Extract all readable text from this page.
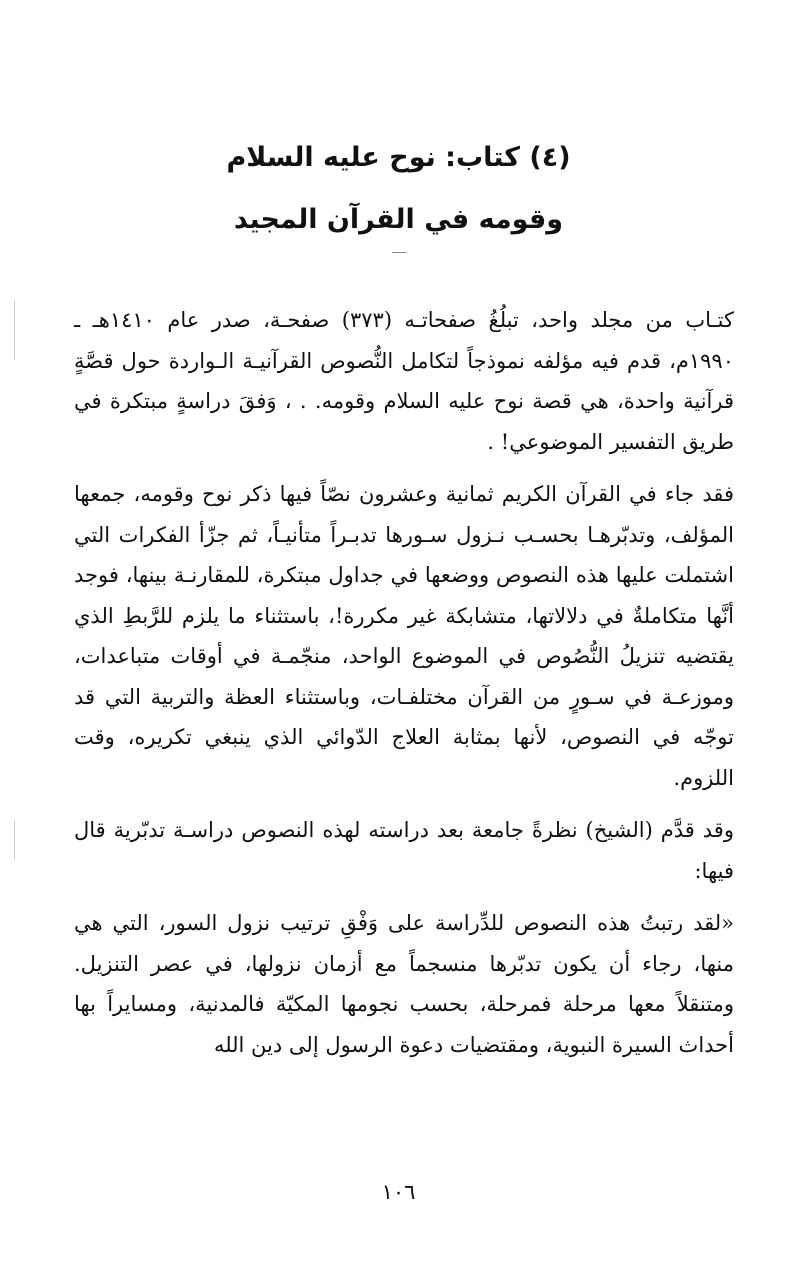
(٤) كتاب: نوح عليه السلام

وقومه في القرآن المجيد

كتـاب من مجلد واحد، تبلُغُ صفحاتـه (٣٧٣) صفحـة، صدر عام ١٤١٠هـ ـ ١٩٩٠م، قدم فيه مؤلفه نموذجاً لتكامل النُّصوص القرآنيـة الـواردة حول قصَّةٍ قرآنية واحدة، هي قصة نوح عليه السلام وقومه. . ، وَفقَ دراسةٍ مبتكرة في طريق التفسير الموضوعي! .

فقد جاء في القرآن الكريم ثمانية وعشرون نصّاً فيها ذكر نوح وقومه، جمعها المؤلف، وتدبّرهـا بحسـب نـزول سـورها تدبـراً متأنيـاً، ثم جزّأ الفكرات التي اشتملت عليها هذه النصوص ووضعها في جداول مبتكرة، للمقارنـة بينها، فوجد أنَّها متكاملةٌ في دلالاتها، متشابكة غير مكررة!، باستثناء ما يلزم للرَّبطِ الذي يقتضيه تنزيلُ النُّصُوص في الموضوع الواحد، منجّمـة في أوقات متباعدات، وموزعـة في سـورٍ من القرآن مختلفـات، وباستثناء العظة والتربية التي قد توجّه في النصوص، لأنها بمثابة العلاج الدّوائي الذي ينبغي تكريره، وقت اللزوم.

وقد قدَّم (الشيخ) نظرةً جامعة بعد دراسته لهذه النصوص دراسـة تدبّرية قال فيها:

«لقد رتبتُ هذه النصوص للدِّراسة على وَفْقِ ترتيب نزول السور، التي هي منها، رجاء أن يكون تدبّرها منسجماً مع أزمان نزولها، في عصر التنزيل. ومتنقلاً معها مرحلة فمرحلة، بحسب نجومها المكيّة فالمدنية، ومسايراً بها أحداث السيرة النبوية، ومقتضيات دعوة الرسول إلى دين الله

١٠٦
